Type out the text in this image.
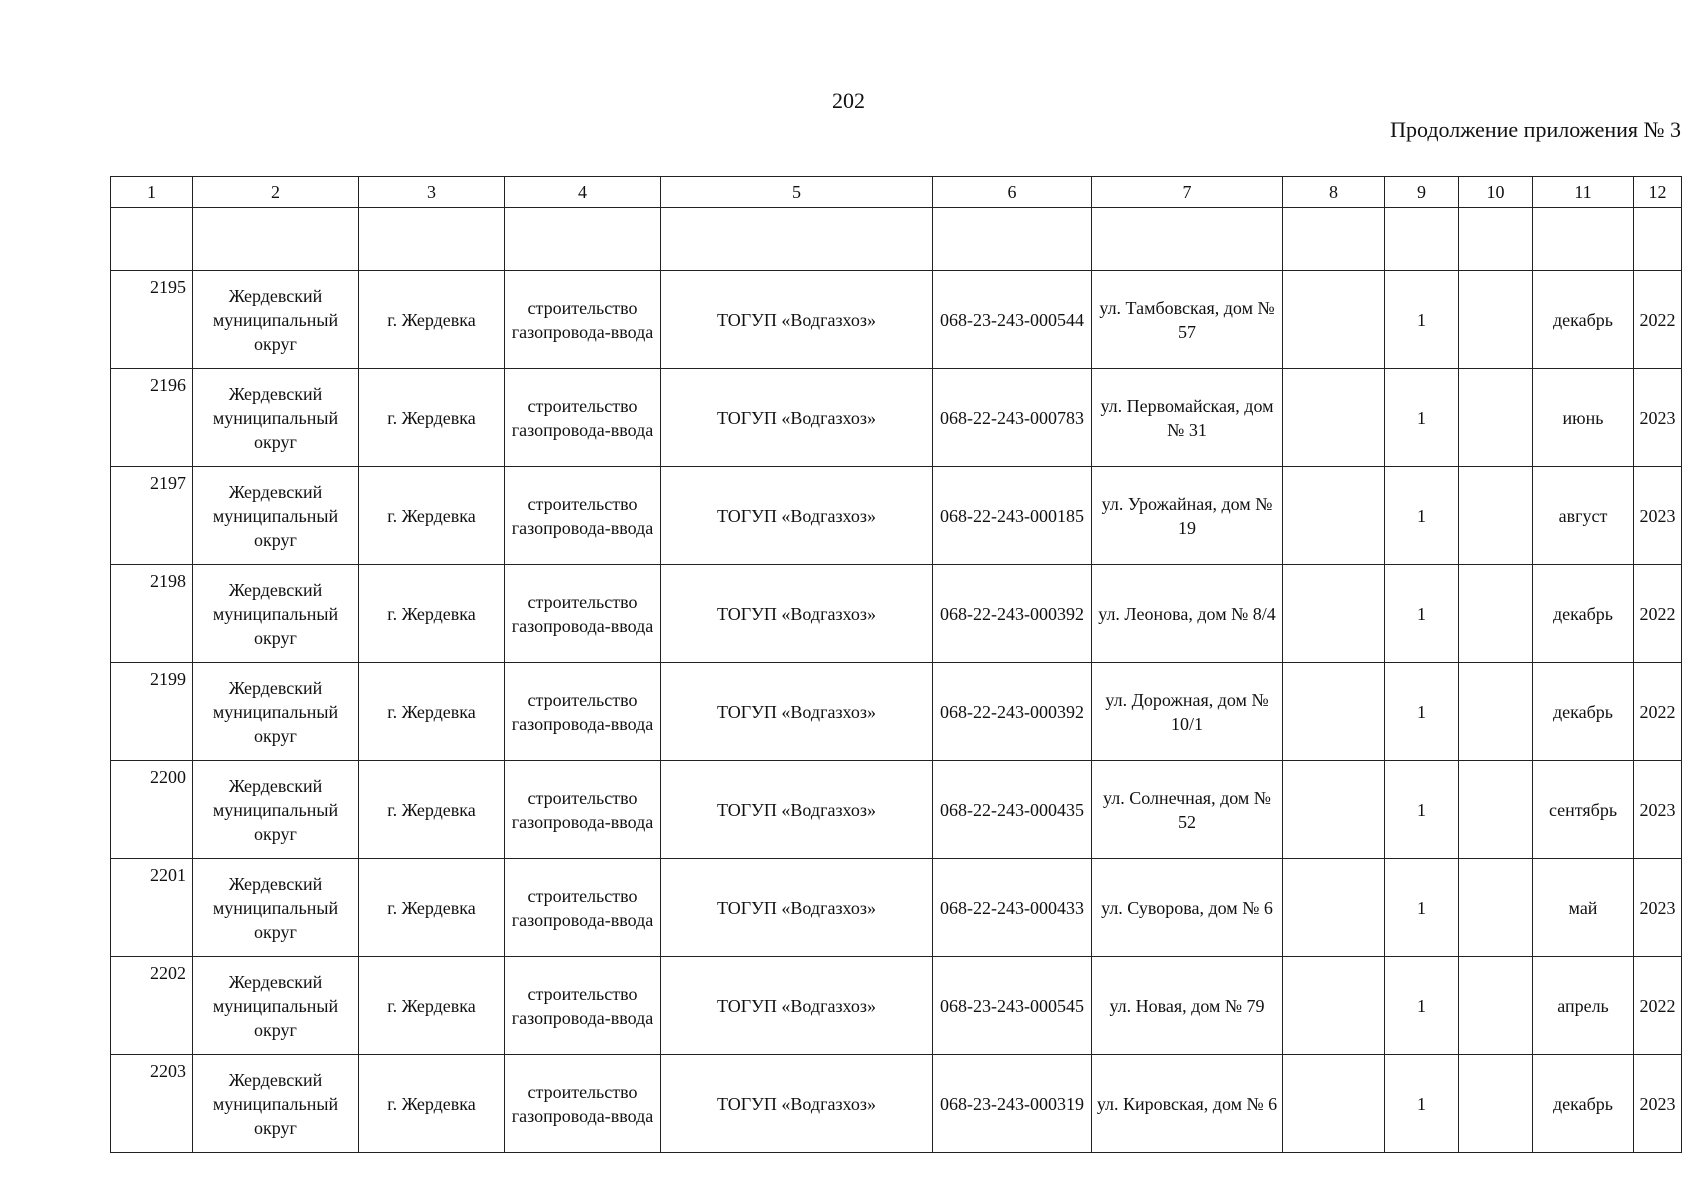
202
Продолжение приложения № 3
1	2	3	4	5	6	7	8	9	10	11	12

2195	Жердевский муниципальный округ	г. Жердевка	строительство газопровода-ввода	ТОГУП «Водгазхоз»	068-23-243-000544	ул. Тамбовская, дом № 57		1		декабрь	2022
2196	Жердевский муниципальный округ	г. Жердевка	строительство газопровода-ввода	ТОГУП «Водгазхоз»	068-22-243-000783	ул. Первомайская, дом № 31		1		июнь	2023
2197	Жердевский муниципальный округ	г. Жердевка	строительство газопровода-ввода	ТОГУП «Водгазхоз»	068-22-243-000185	ул. Урожайная, дом № 19		1		август	2023
2198	Жердевский муниципальный округ	г. Жердевка	строительство газопровода-ввода	ТОГУП «Водгазхоз»	068-22-243-000392	ул. Леонова, дом № 8/4		1		декабрь	2022
2199	Жердевский муниципальный округ	г. Жердевка	строительство газопровода-ввода	ТОГУП «Водгазхоз»	068-22-243-000392	ул. Дорожная, дом № 10/1		1		декабрь	2022
2200	Жердевский муниципальный округ	г. Жердевка	строительство газопровода-ввода	ТОГУП «Водгазхоз»	068-22-243-000435	ул. Солнечная, дом № 52		1		сентябрь	2023
2201	Жердевский муниципальный округ	г. Жердевка	строительство газопровода-ввода	ТОГУП «Водгазхоз»	068-22-243-000433	ул. Суворова, дом № 6		1		май	2023
2202	Жердевский муниципальный округ	г. Жердевка	строительство газопровода-ввода	ТОГУП «Водгазхоз»	068-23-243-000545	ул. Новая, дом № 79		1		апрель	2022
2203	Жердевский муниципальный округ	г. Жердевка	строительство газопровода-ввода	ТОГУП «Водгазхоз»	068-23-243-000319	ул. Кировская, дом № 6		1		декабрь	2023
